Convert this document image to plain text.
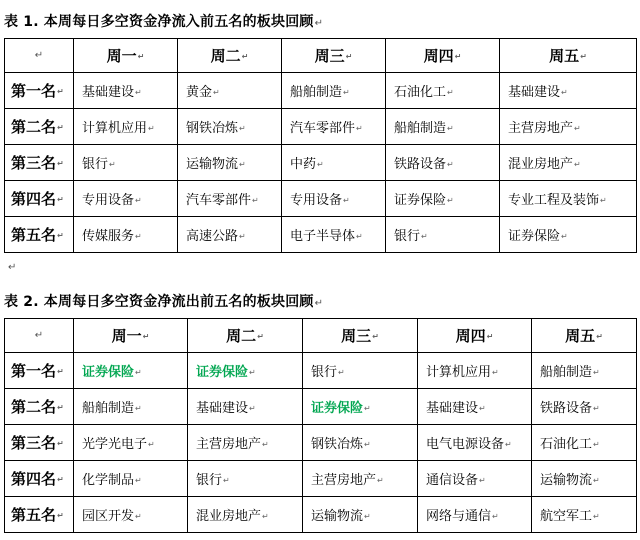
表 1. 本周每日多空资金净流入前五名的板块回顾↵
↵	周一↵	周二↵	周三↵	周四↵	周五↵
第一名↵	基础建设↵	黄金↵	船舶制造↵	石油化工↵	基础建设↵
第二名↵	计算机应用↵	钢铁冶炼↵	汽车零部件↵	船舶制造↵	主营房地产↵
第三名↵	银行↵	运输物流↵	中药↵	铁路设备↵	混业房地产↵
第四名↵	专用设备↵	汽车零部件↵	专用设备↵	证券保险↵	专业工程及装饰↵
第五名↵	传媒服务↵	高速公路↵	电子半导体↵	银行↵	证券保险↵
↵
表 2. 本周每日多空资金净流出前五名的板块回顾↵
↵	周一↵	周二↵	周三↵	周四↵	周五↵
第一名↵	证券保险↵	证券保险↵	银行↵	计算机应用↵	船舶制造↵
第二名↵	船舶制造↵	基础建设↵	证券保险↵	基础建设↵	铁路设备↵
第三名↵	光学光电子↵	主营房地产↵	钢铁冶炼↵	电气电源设备↵	石油化工↵
第四名↵	化学制品↵	银行↵	主营房地产↵	通信设备↵	运输物流↵
第五名↵	园区开发↵	混业房地产↵	运输物流↵	网络与通信↵	航空军工↵
